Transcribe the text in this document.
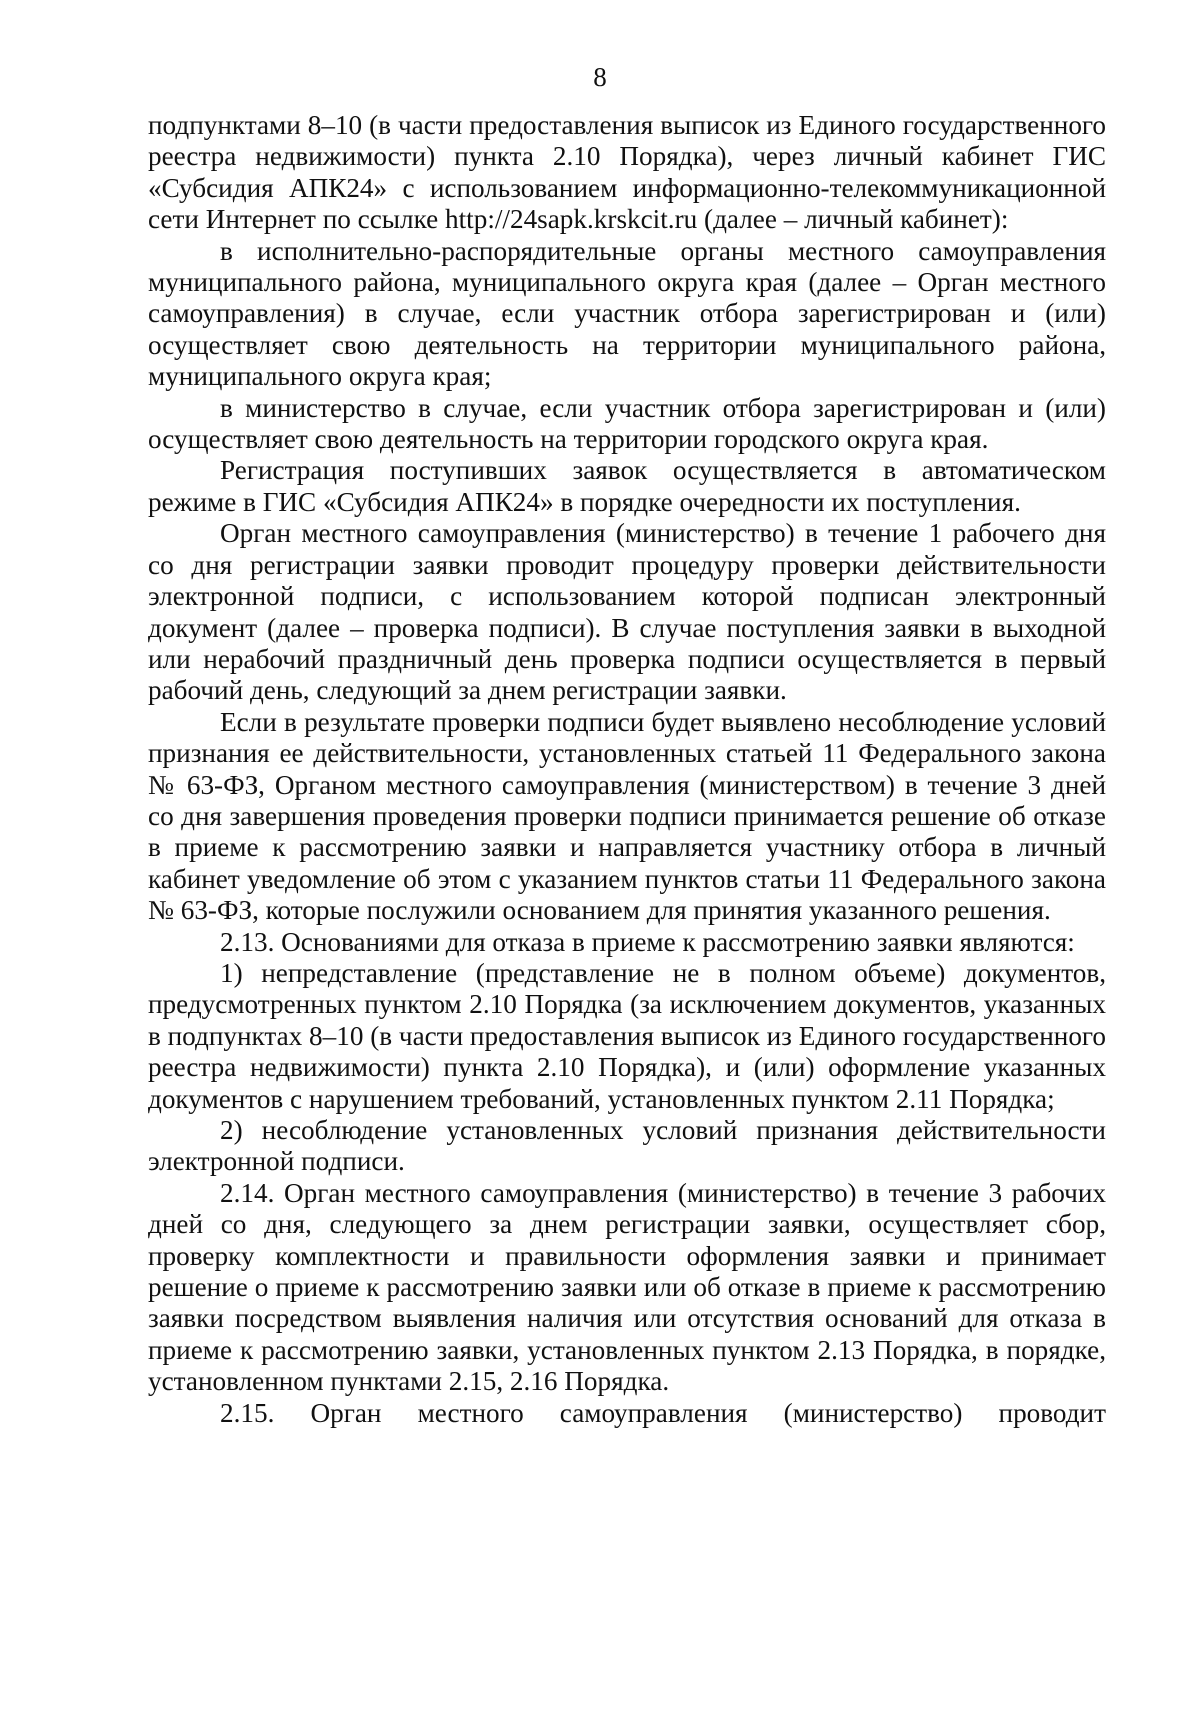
8

подпунктами 8–10 (в части предоставления выписок из Единого государственного реестра недвижимости) пункта 2.10 Порядка), через личный кабинет ГИС «Субсидия АПК24» с использованием информационно-телекоммуникационной сети Интернет по ссылке http://24sapk.krskcit.ru (далее – личный кабинет):

в исполнительно-распорядительные органы местного самоуправления муниципального района, муниципального округа края (далее – Орган местного самоуправления) в случае, если участник отбора зарегистрирован и (или) осуществляет свою деятельность на территории муниципального района, муниципального округа края;

в министерство в случае, если участник отбора зарегистрирован и (или) осуществляет свою деятельность на территории городского округа края.

Регистрация поступивших заявок осуществляется в автоматическом режиме в ГИС «Субсидия АПК24» в порядке очередности их поступления.

Орган местного самоуправления (министерство) в течение 1 рабочего дня со дня регистрации заявки проводит процедуру проверки действительности электронной подписи, с использованием которой подписан электронный документ (далее – проверка подписи). В случае поступления заявки в выходной или нерабочий праздничный день проверка подписи осуществляется в первый рабочий день, следующий за днем регистрации заявки.

Если в результате проверки подписи будет выявлено несоблюдение условий признания ее действительности, установленных статьей 11 Федерального закона № 63-ФЗ, Органом местного самоуправления (министерством) в течение 3 дней со дня завершения проведения проверки подписи принимается решение об отказе в приеме к рассмотрению заявки и направляется участнику отбора в личный кабинет уведомление об этом с указанием пунктов статьи 11 Федерального закона № 63-ФЗ, которые послужили основанием для принятия указанного решения.

2.13. Основаниями для отказа в приеме к рассмотрению заявки являются:

1) непредставление (представление не в полном объеме) документов, предусмотренных пунктом 2.10 Порядка (за исключением документов, указанных в подпунктах 8–10 (в части предоставления выписок из Единого государственного реестра недвижимости) пункта 2.10 Порядка), и (или) оформление указанных документов с нарушением требований, установленных пунктом 2.11 Порядка;

2) несоблюдение установленных условий признания действительности электронной подписи.

2.14. Орган местного самоуправления (министерство) в течение 3 рабочих дней со дня, следующего за днем регистрации заявки, осуществляет сбор, проверку комплектности и правильности оформления заявки и принимает решение о приеме к рассмотрению заявки или об отказе в приеме к рассмотрению заявки посредством выявления наличия или отсутствия оснований для отказа в приеме к рассмотрению заявки, установленных пунктом 2.13 Порядка, в порядке, установленном пунктами 2.15, 2.16 Порядка.

2.15. Орган местного самоуправления (министерство) проводит
